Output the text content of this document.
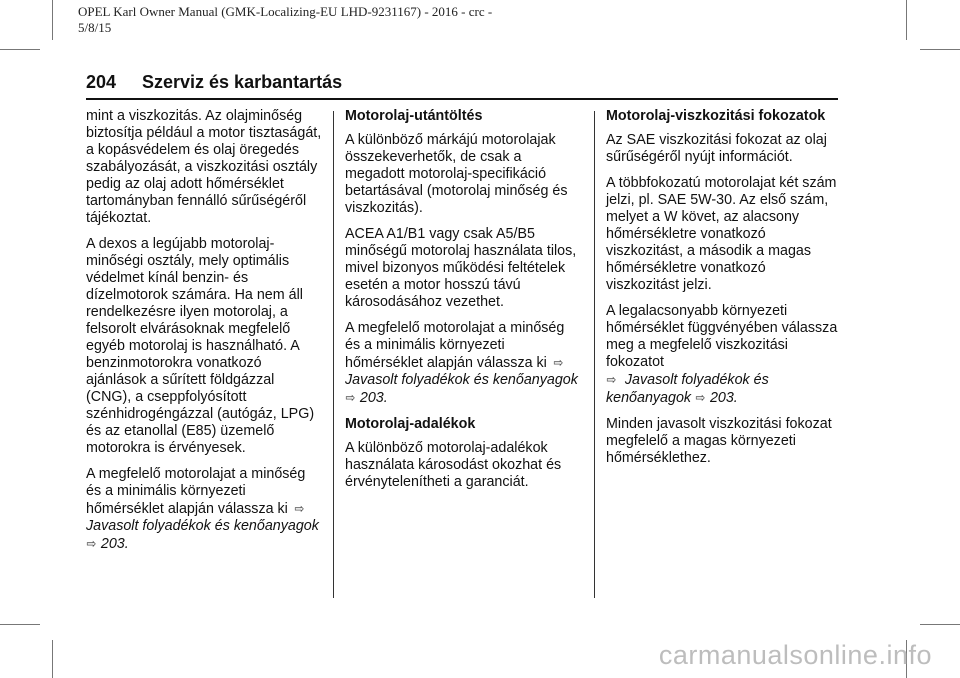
OPEL Karl Owner Manual (GMK-Localizing-EU LHD-9231167) - 2016 - crc -
5/8/15
204 Szerviz és karbantartás

mint a viszkozitás. Az olajminőség biztosítja például a motor tisztaságát, a kopásvédelem és olaj öregedés szabályozását, a viszkozitási osztály pedig az olaj adott hőmérséklet tartományban fennálló sűrűségéről tájékoztat.

A dexos a legújabb motorolaj-minőségi osztály, mely optimális védelmet kínál benzin- és dízelmotorok számára. Ha nem áll rendelkezésre ilyen motorolaj, a felsorolt elvárásoknak megfelelő egyéb motorolaj is használható. A benzinmotorokra vonatkozó ajánlások a sűrített földgázzal (CNG), a cseppfolyósított szénhidrogéngázzal (autógáz, LPG) és az etanollal (E85) üzemelő motorokra is érvényesek.

A megfelelő motorolajat a minőség és a minimális környezeti hőmérséklet alapján válassza ki ⇨
Javasolt folyadékok és kenőanyagok ⇨ 203.

Motorolaj-utántöltés

A különböző márkájú motorolajak összekeverhetők, de csak a megadott motorolaj-specifikáció betartásával (motorolaj minőség és viszkozitás).

ACEA A1/B1 vagy csak A5/B5 minőségű motorolaj használata tilos, mivel bizonyos működési feltételek esetén a motor hosszú távú károsodásához vezethet.

A megfelelő motorolajat a minőség és a minimális környezeti hőmérséklet alapján válassza ki ⇨
Javasolt folyadékok és kenőanyagok ⇨ 203.

Motorolaj-adalékok

A különböző motorolaj-adalékok használata károsodást okozhat és érvénytelenítheti a garanciát.

Motorolaj-viszkozitási fokozatok

Az SAE viszkozitási fokozat az olaj sűrűségéről nyújt információt.

A többfokozatú motorolajat két szám jelzi, pl. SAE 5W-30. Az első szám, melyet a W követ, az alacsony hőmérsékletre vonatkozó viszkozitást, a második a magas hőmérsékletre vonatkozó viszkozitást jelzi.

A legalacsonyabb környezeti hőmérséklet függvényében válassza meg a megfelelő viszkozitási fokozatot
⇨ Javasolt folyadékok és kenőanyagok ⇨ 203.

Minden javasolt viszkozitási fokozat megfelelő a magas környezeti hőmérséklethez.

carmanualsonline.info
